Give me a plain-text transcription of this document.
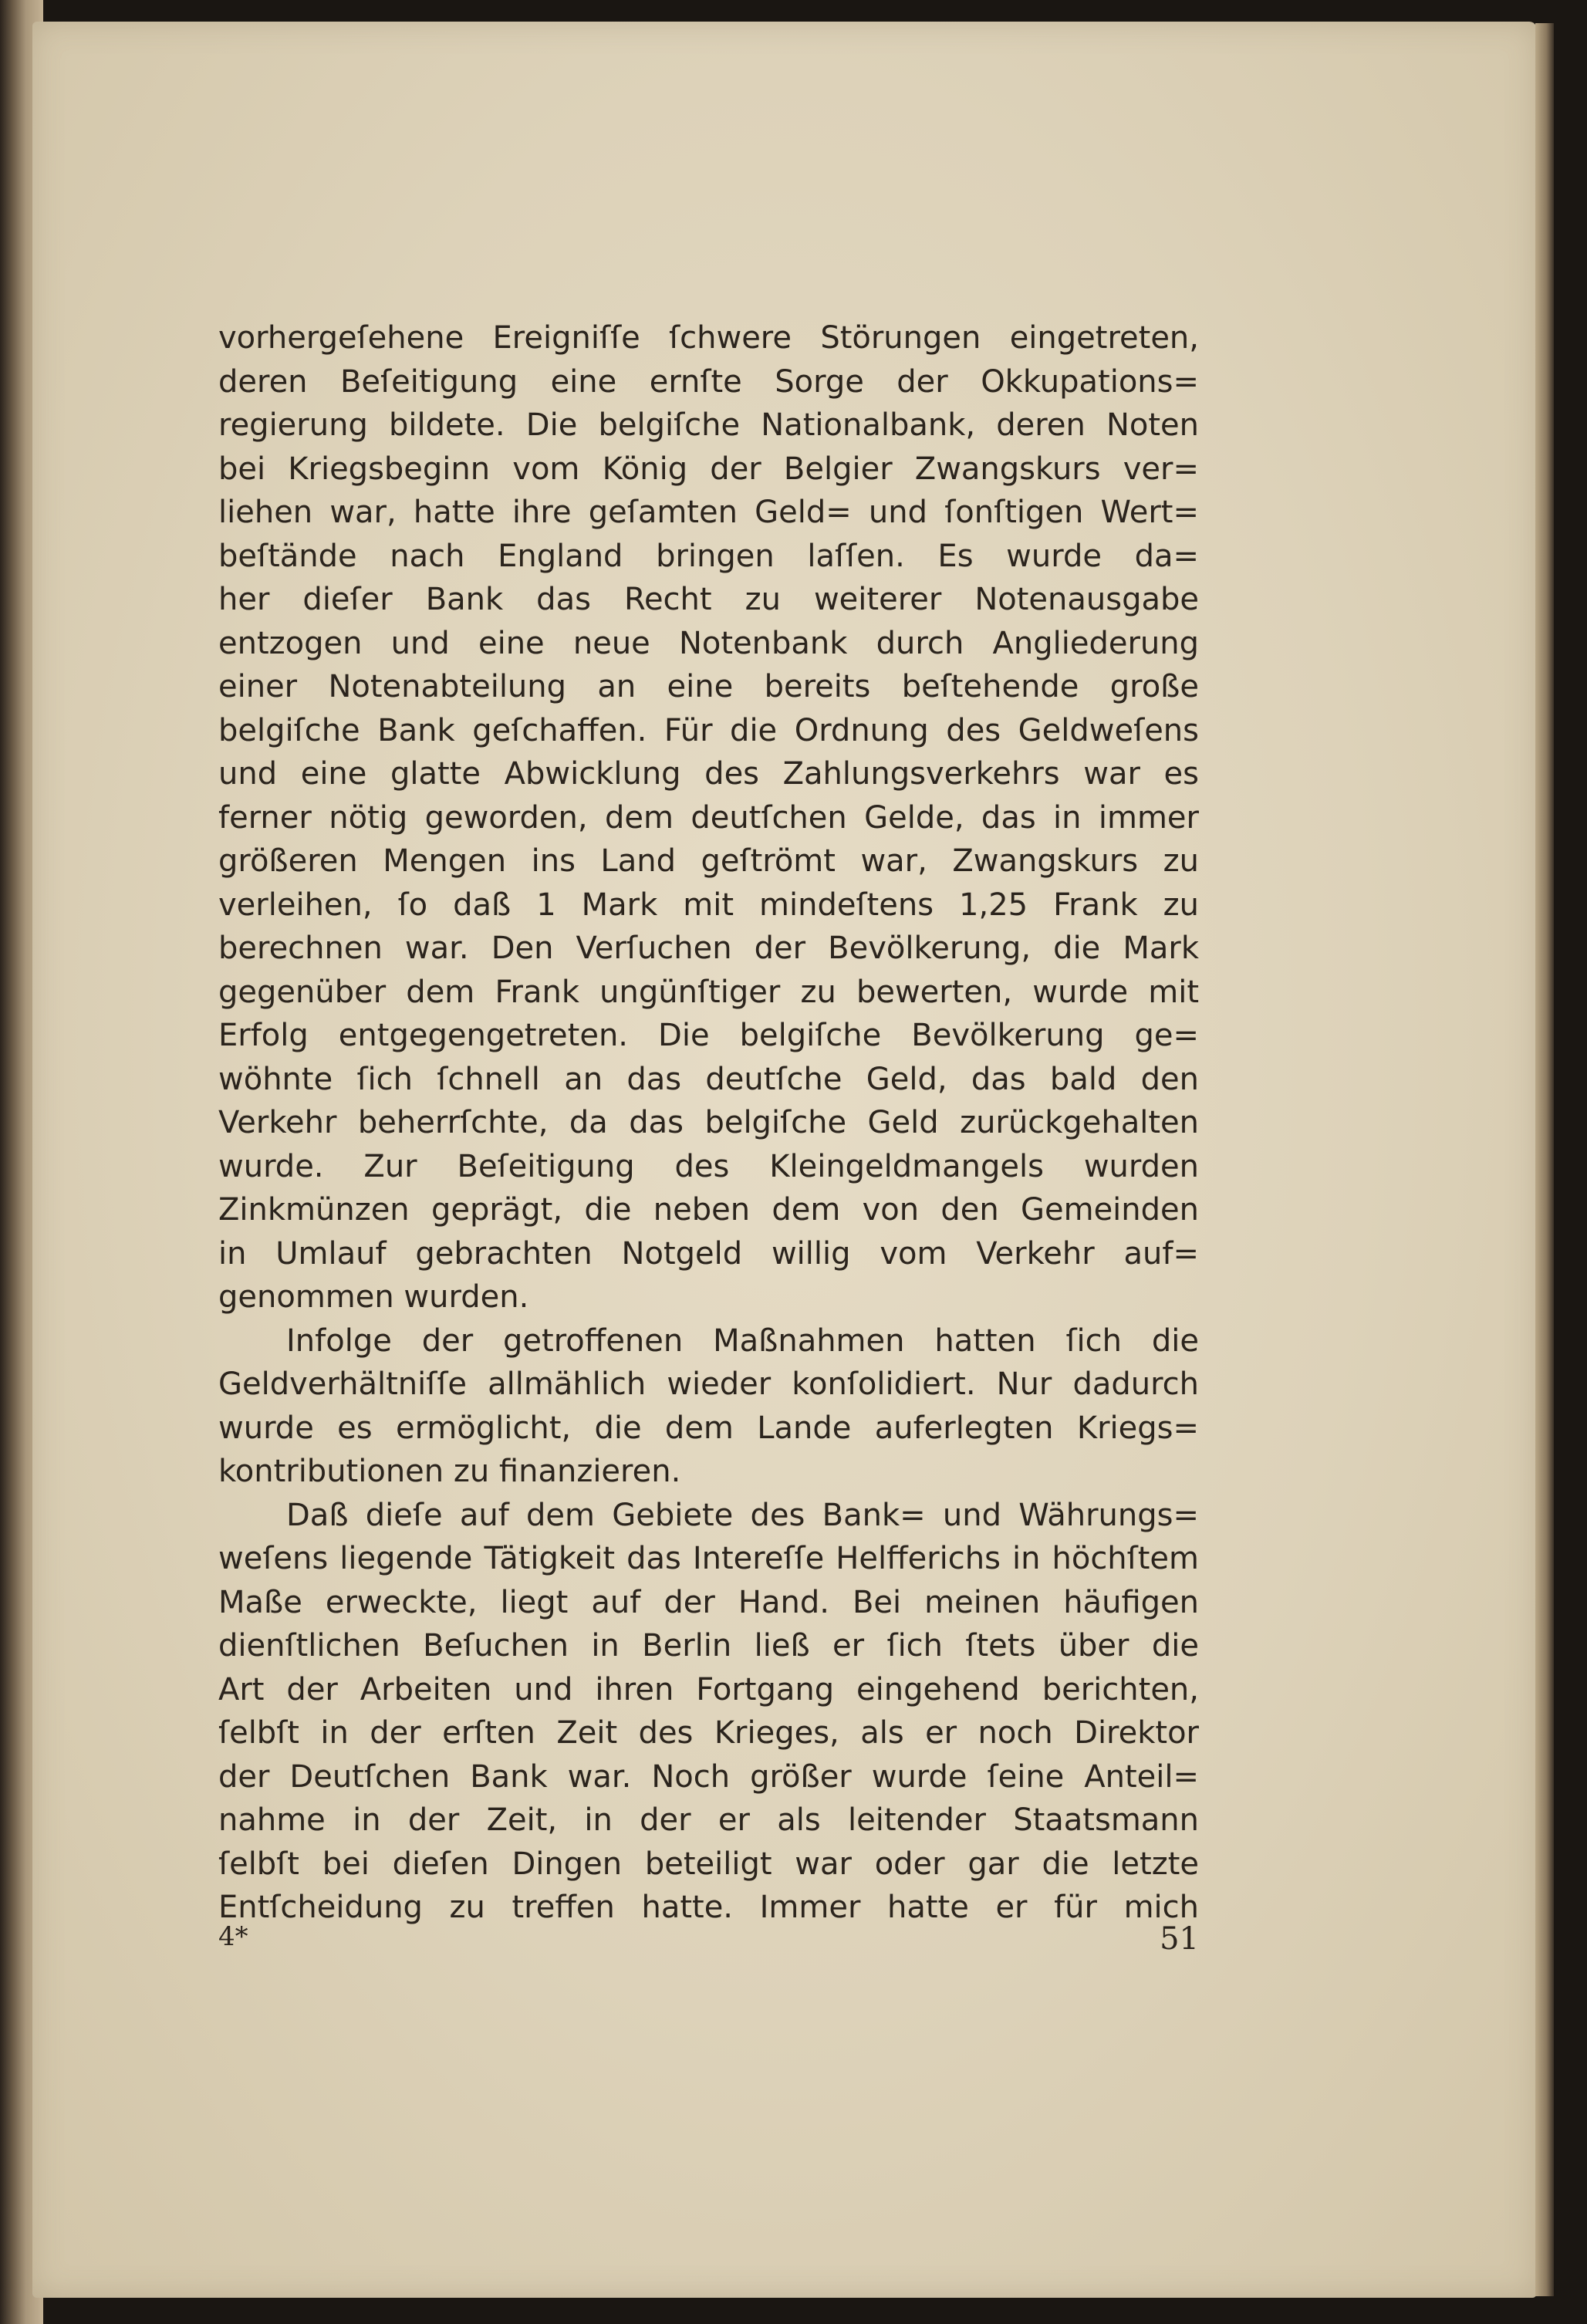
vorhergeſehene Ereigniſſe ſchwere Störungen eingetreten,
deren Beſeitigung eine ernſte Sorge der Okkupations=
regierung bildete. Die belgiſche Nationalbank, deren Noten
bei Kriegsbeginn vom König der Belgier Zwangskurs ver=
liehen war, hatte ihre geſamten Geld= und ſonſtigen Wert=
beſtände nach England bringen laſſen. Es wurde da=
her dieſer Bank das Recht zu weiterer Notenausgabe
entzogen und eine neue Notenbank durch Angliederung
einer Notenabteilung an eine bereits beſtehende große
belgiſche Bank geſchaffen. Für die Ordnung des Geldweſens
und eine glatte Abwicklung des Zahlungsverkehrs war es
ferner nötig geworden, dem deutſchen Gelde, das in immer
größeren Mengen ins Land geſtrömt war, Zwangskurs zu
verleihen, ſo daß 1 Mark mit mindeſtens 1,25 Frank zu
berechnen war. Den Verſuchen der Bevölkerung, die Mark
gegenüber dem Frank ungünſtiger zu bewerten, wurde mit
Erfolg entgegengetreten. Die belgiſche Bevölkerung ge=
wöhnte ſich ſchnell an das deutſche Geld, das bald den
Verkehr beherrſchte, da das belgiſche Geld zurückgehalten
wurde. Zur Beſeitigung des Kleingeldmangels wurden
Zinkmünzen geprägt, die neben dem von den Gemeinden
in Umlauf gebrachten Notgeld willig vom Verkehr auf=
genommen wurden.
Infolge der getroffenen Maßnahmen hatten ſich die
Geldverhältniſſe allmählich wieder konſolidiert. Nur dadurch
wurde es ermöglicht, die dem Lande auferlegten Kriegs=
kontributionen zu finanzieren.
Daß dieſe auf dem Gebiete des Bank= und Währungs=
weſens liegende Tätigkeit das Intereſſe Helfferichs in höchſtem
Maße erweckte, liegt auf der Hand. Bei meinen häufigen
dienſtlichen Beſuchen in Berlin ließ er ſich ſtets über die
Art der Arbeiten und ihren Fortgang eingehend berichten,
ſelbſt in der erſten Zeit des Krieges, als er noch Direktor
der Deutſchen Bank war. Noch größer wurde ſeine Anteil=
nahme in der Zeit, in der er als leitender Staatsmann
ſelbſt bei dieſen Dingen beteiligt war oder gar die letzte
Entſcheidung zu treffen hatte. Immer hatte er für mich
4*	51
